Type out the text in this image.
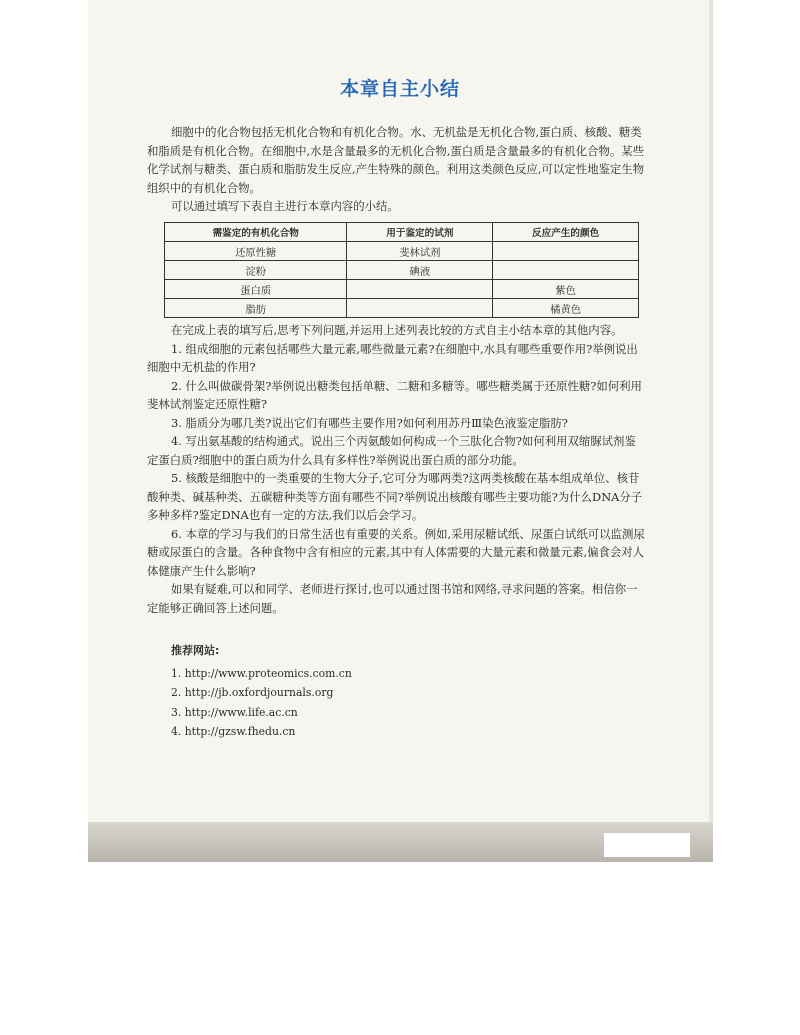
本章自主小结

细胞中的化合物包括无机化合物和有机化合物。水、无机盐是无机化合物,蛋白质、核酸、糖类和脂质是有机化合物。在细胞中,水是含量最多的无机化合物,蛋白质是含量最多的有机化合物。某些化学试剂与糖类、蛋白质和脂肪发生反应,产生特殊的颜色。利用这类颜色反应,可以定性地鉴定生物组织中的有机化合物。

可以通过填写下表自主进行本章内容的小结。

需鉴定的有机化合物	用于鉴定的试剂	反应产生的颜色
还原性糖	斐林试剂	
淀粉	碘液	
蛋白质		紫色
脂肪		橘黄色

在完成上表的填写后,思考下列问题,并运用上述列表比较的方式自主小结本章的其他内容。

1. 组成细胞的元素包括哪些大量元素,哪些微量元素?在细胞中,水具有哪些重要作用?举例说出细胞中无机盐的作用?

2. 什么叫做碳骨架?举例说出糖类包括单糖、二糖和多糖等。哪些糖类属于还原性糖?如何利用斐林试剂鉴定还原性糖?

3. 脂质分为哪几类?说出它们有哪些主要作用?如何利用苏丹Ⅲ染色液鉴定脂肪?

4. 写出氨基酸的结构通式。说出三个丙氨酸如何构成一个三肽化合物?如何利用双缩脲试剂鉴定蛋白质?细胞中的蛋白质为什么具有多样性?举例说出蛋白质的部分功能。

5. 核酸是细胞中的一类重要的生物大分子,它可分为哪两类?这两类核酸在基本组成单位、核苷酸种类、碱基种类、五碳糖种类等方面有哪些不同?举例说出核酸有哪些主要功能?为什么DNA分子多种多样?鉴定DNA也有一定的方法,我们以后会学习。

6. 本章的学习与我们的日常生活也有重要的关系。例如,采用尿糖试纸、尿蛋白试纸可以监测尿糖或尿蛋白的含量。各种食物中含有相应的元素,其中有人体需要的大量元素和微量元素,偏食会对人体健康产生什么影响?

如果有疑难,可以和同学、老师进行探讨,也可以通过图书馆和网络,寻求问题的答案。相信你一定能够正确回答上述问题。

推荐网站:
1. http://www.proteomics.com.cn
2. http://jb.oxfordjournals.org
3. http://www.life.ac.cn
4. http://gzsw.fhedu.cn
